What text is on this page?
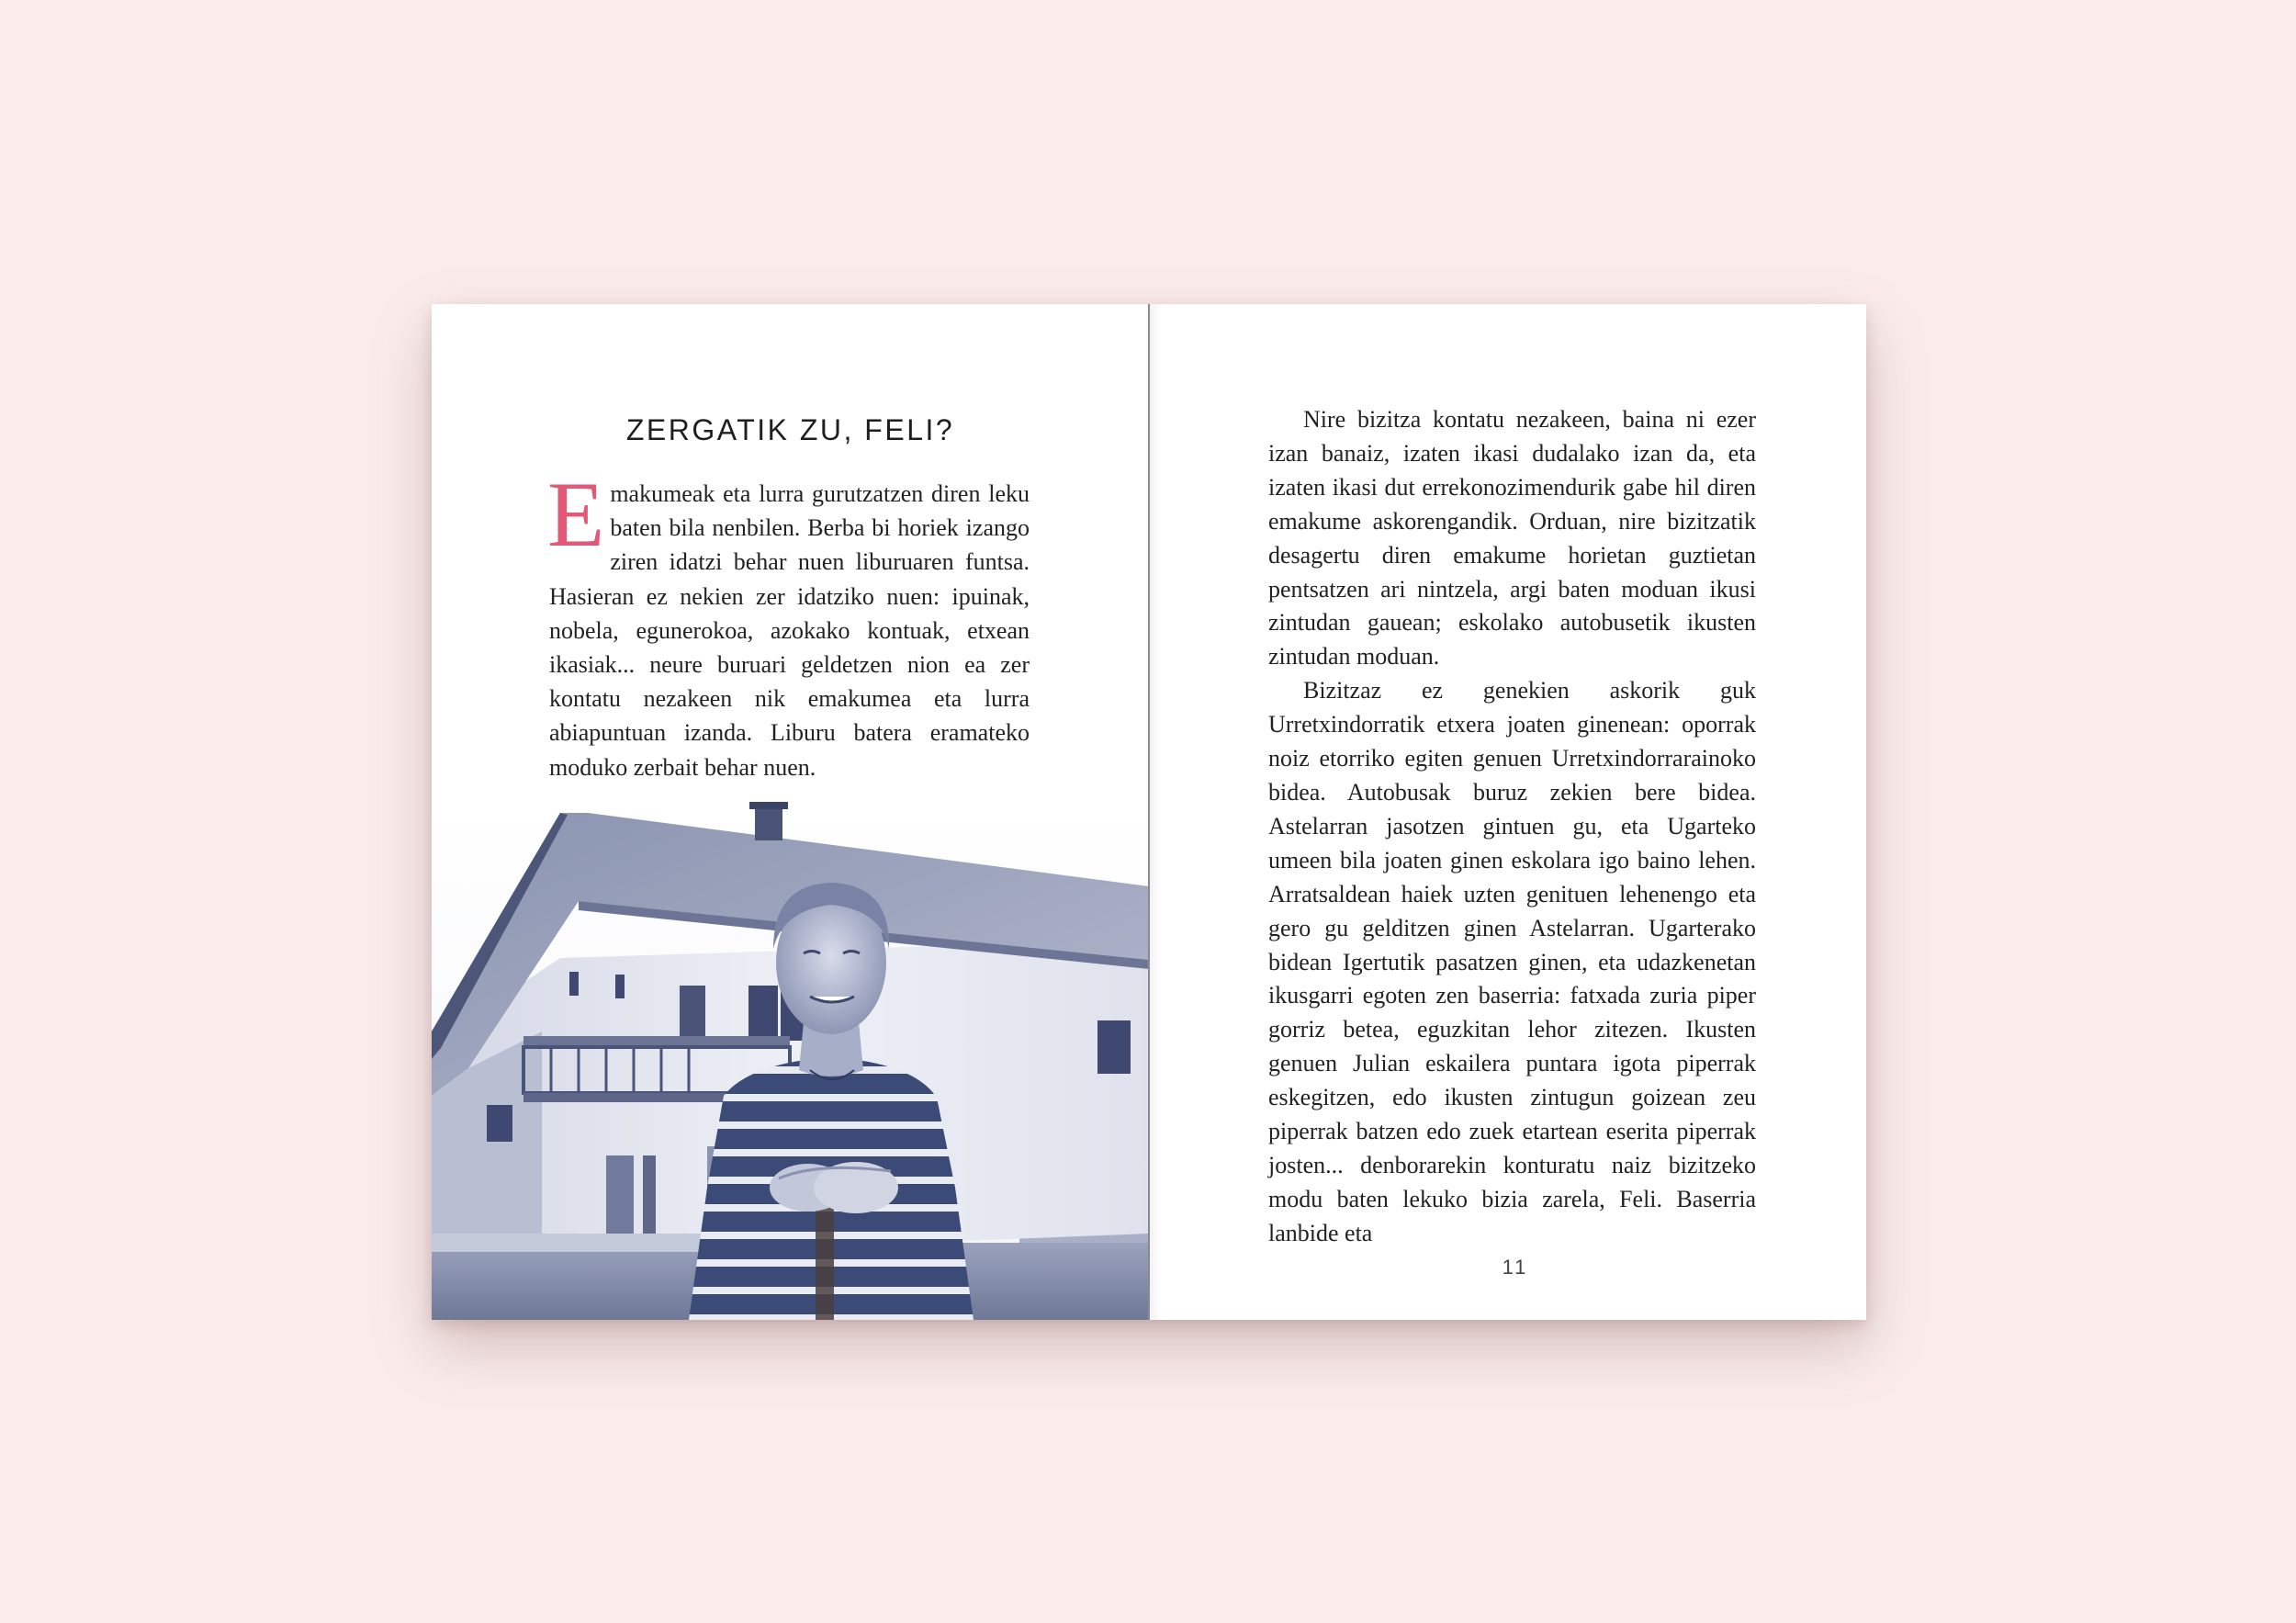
ZERGATIK ZU, FELI?
E makumeak eta lurra gurutzatzen diren leku baten bila nenbilen. Berba bi horiek izango ziren idatzi behar nuen liburuaren funtsa. Hasieran ez nekien zer idatziko nuen: ipuinak, nobela, egunerokoa, azokako kontuak, etxean ikasiak... neure buruari geldetzen nion ea zer kontatu nezakeen nik emakumea eta lurra abiapuntuan izanda. Liburu batera eramateko moduko zerbait behar nuen.
Nire bizitza kontatu nezakeen, baina ni ezer izan banaiz, izaten ikasi dudalako izan da, eta izaten ikasi dut errekonozimendurik gabe hil diren emakume askorengandik. Orduan, nire bizitzatik desagertu diren emakume horietan guztietan pentsatzen ari nintzela, argi baten moduan ikusi zintudan gauean; eskolako autobusetik ikusten zintudan moduan.
Bizitzaz ez genekien askorik guk Urretxindorratik etxera joaten ginenean: oporrak noiz etorriko egiten genuen Urretxindorrarainoko bidea. Autobusak buruz zekien bere bidea. Astelarran jasotzen gintuen gu, eta Ugarteko umeen bila joaten ginen eskolara igo baino lehen. Arratsaldean haiek uzten genituen lehenengo eta gero gu gelditzen ginen Astelarran. Ugarterako bidean Igertutik pasatzen ginen, eta udazkenetan ikusgarri egoten zen baserria: fatxada zuria piper gorriz betea, eguzkitan lehor zitezen. Ikusten genuen Julian eskailera puntara igota piperrak eskegitzen, edo ikusten zintugun goizean zeu piperrak batzen edo zuek etartean eserita piperrak josten... denborarekin konturatu naiz bizitzeko modu baten lekuko bizia zarela, Feli. Baserria lanbide eta
11
